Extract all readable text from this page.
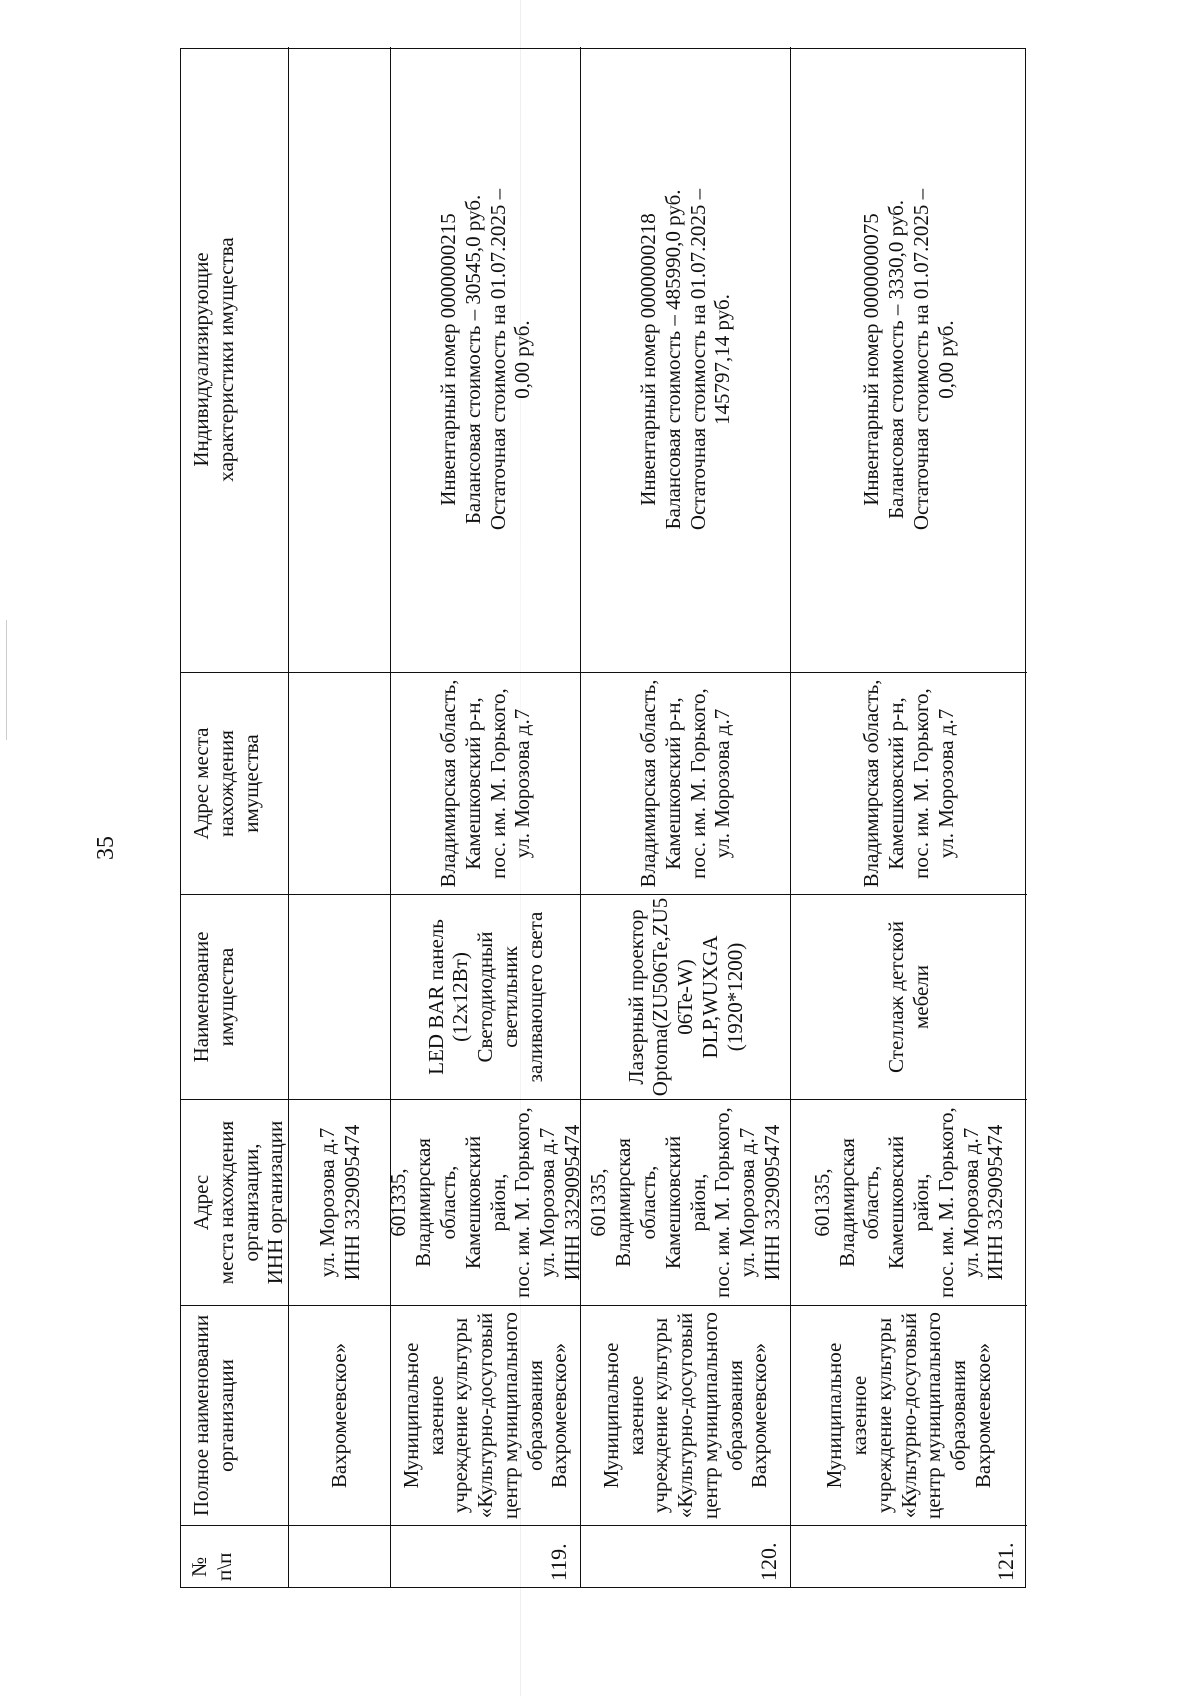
35
№
п\п
Полное наименовании
организации
Адрес
места нахождения
организации,
ИНН организации
Наименование
имущества
Адрес места нахождения
имущества
Индивидуализирующие
характеристики имущества
Вахромеевское»
ул. Морозова д.7
ИНН 3329095474
119.
Муниципальное казенное
учреждение культуры
«Культурно-досуговый
центр муниципального
образования
Вахромеевское»
601335,
Владимирская
область,
Камешковский район,
пос. им. М. Горького,
ул. Морозова д.7
ИНН 3329095474
LED BAR панель
(12x12Вт)
Светодиодный
светильник
заливающего света
Владимирская область,
Камешковский р-н,
пос. им. М. Горького,
ул. Морозова д.7
Инвентарный номер 0000000215
Балансовая стоимость – 30545,0 руб.
Остаточная стоимость на 01.07.2025 –
0,00 руб.
120.
Муниципальное казенное
учреждение культуры
«Культурно-досуговый
центр муниципального
образования
Вахромеевское»
601335,
Владимирская
область,
Камешковский район,
пос. им. М. Горького,
ул. Морозова д.7
ИНН 3329095474
Лазерный проектор
Optoma(ZU506Te,ZU5
06Te-W)
DLP,WUXGA
(1920*1200)
Владимирская область,
Камешковский р-н,
пос. им. М. Горького,
ул. Морозова д.7
Инвентарный номер 0000000218
Балансовая стоимость – 485990,0 руб.
Остаточная стоимость на 01.07.2025 –
145797,14 руб.
121.
Муниципальное казенное
учреждение культуры
«Культурно-досуговый
центр муниципального
образования
Вахромеевское»
601335,
Владимирская
область,
Камешковский район,
пос. им. М. Горького,
ул. Морозова д.7
ИНН 3329095474
Стеллаж детской
мебели
Владимирская область,
Камешковский р-н,
пос. им. М. Горького,
ул. Морозова д.7
Инвентарный номер 0000000075
Балансовая стоимость – 3330,0 руб.
Остаточная стоимость на 01.07.2025 –
0,00 руб.
